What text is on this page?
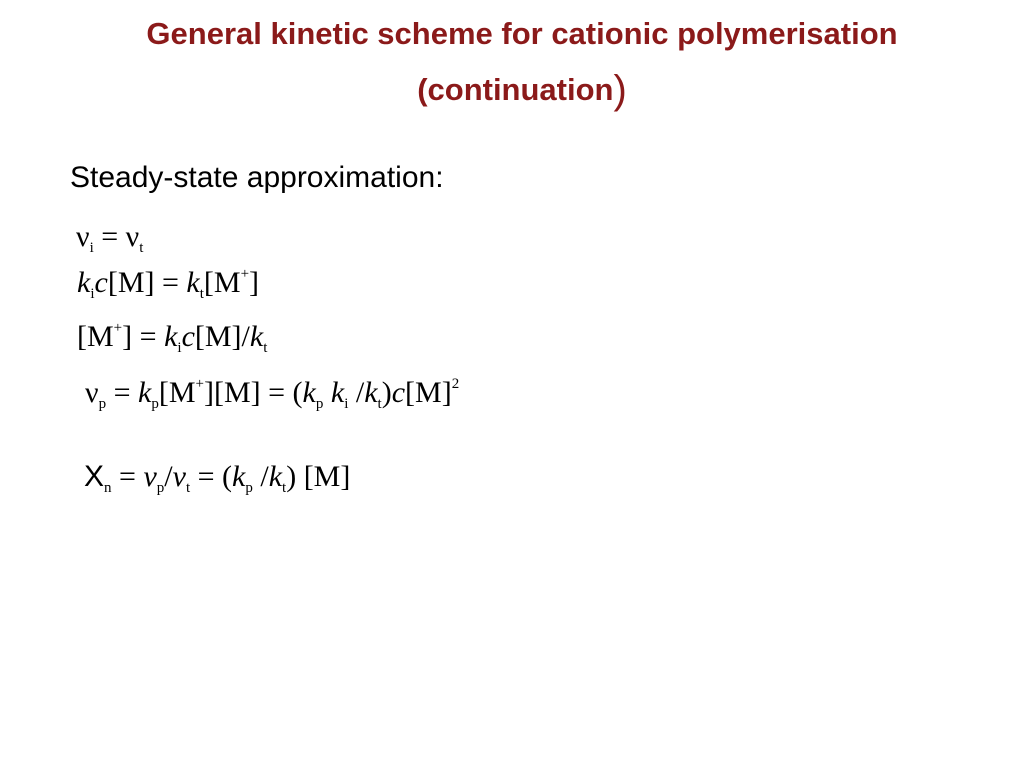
General kinetic scheme for cationic polymerisation
(continuation)
Steady-state approximation:
$\nu_i = \nu_t$
$k_ic[M] = k_t[M^+]$
$[M^+] = k_ic[M]/k_t$
$\nu_p = k_p[M^+][M] = (k_p$ $k_i$ $/k_t)c[M]^2$
$X_n = v_p/v_t = (k_p$ $/k_t$) [M]
